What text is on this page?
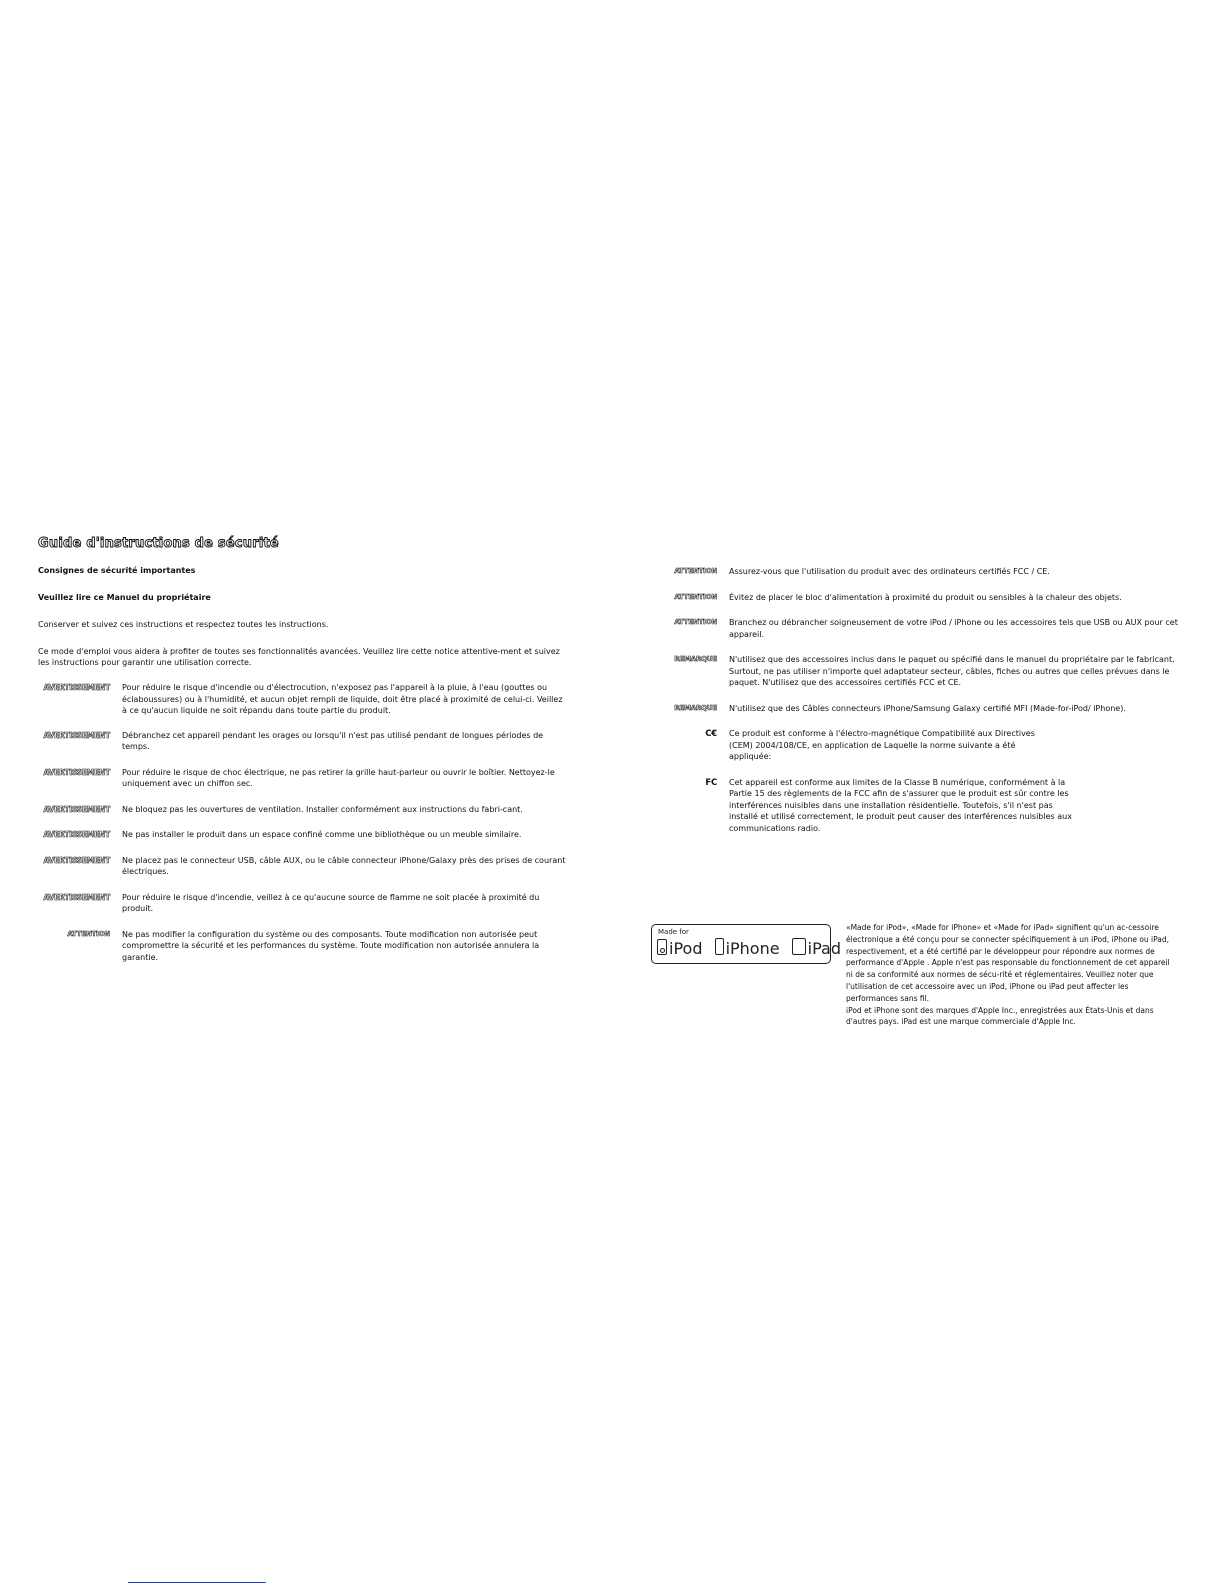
Guide d'instructions de sécurité
Consignes de sécurité importantes
Veuillez lire ce Manuel du propriétaire
Conserver et suivez ces instructions et respectez toutes les instructions.
Ce mode d'emploi vous aidera à profiter de toutes ses fonctionnalités avancées. Veuillez lire cette notice attentive-ment et suivez les instructions pour garantir une utilisation correcte.
AVERTISSEMENT	Pour réduire le risque d'incendie ou d'électrocution, n'exposez pas l'appareil à la pluie, à l'eau (gouttes ou éclaboussures) ou à l'humidité, et aucun objet rempli de liquide, doit être placé à proximité de celui-ci. Veillez à ce qu'aucun liquide ne soit répandu dans toute partie du produit.
AVERTISSEMENT	Débranchez cet appareil pendant les orages ou lorsqu'il n'est pas utilisé pendant de longues périodes de temps.
AVERTISSEMENT	Pour réduire le risque de choc électrique, ne pas retirer la grille haut-parleur ou ouvrir le boîtier. Nettoyez-le uniquement avec un chiffon sec.
AVERTISSEMENT	Ne bloquez pas les ouvertures de ventilation. Installer conformément aux instructions du fabri-cant.
AVERTISSEMENT	Ne pas installer le produit dans un espace confiné comme une bibliothèque ou un meuble similaire.
AVERTISSEMENT	Ne placez pas le connecteur USB, câble AUX, ou le câble connecteur iPhone/Galaxy près des prises de courant électriques.
AVERTISSEMENT	Pour réduire le risque d'incendie, veillez à ce qu'aucune source de flamme ne soit placée à proximité du produit.
ATTENTION	Ne pas modifier la configuration du système ou des composants. Toute modification non autorisée peut compromettre la sécurité et les performances du système. Toute modification non autorisée annulera la garantie.
ATTENTION	Assurez-vous que l'utilisation du produit avec des ordinateurs certifiés FCC / CE.
ATTENTION	Évitez de placer le bloc d'alimentation à proximité du produit ou sensibles à la chaleur des objets.
ATTENTION	Branchez ou débrancher soigneusement de votre iPod / iPhone ou les accessoires tels que USB ou AUX pour cet appareil.
REMARQUE	N'utilisez que des accessoires inclus dans le paquet ou spécifié dans le manuel du propriétaire par le fabricant. Surtout, ne pas utiliser n'importe quel adaptateur secteur, câbles, fiches ou autres que celles prévues dans le paquet. N'utilisez que des accessoires certifiés FCC et CE.
REMARQUE	N'utilisez que des Câbles connecteurs iPhone/Samsung Galaxy certifié MFI (Made-for-iPod/ iPhone).
C€	Ce produit est conforme à l'électro-magnétique Compatibilité aux Directives (CEM) 2004/108/CE, en application de Laquelle la norme suivante a été appliquée:
FC	Cet appareil est conforme aux limites de la Classe B numérique, conformément à la Partie 15 des règlements de la FCC afin de s'assurer que le produit est sûr contre les interférences nuisibles dans une installation résidentielle. Toutefois, s'il n'est pas installé et utilisé correctement, le produit peut causer des interférences nuisibles aux communications radio.
Made for
iPod iPhone iPad

«Made for iPod», «Made for iPhone» et «Made for iPad» signifient qu'un ac-cessoire électronique a été conçu pour se connecter spécifiquement à un iPod, iPhone ou iPad, respectivement, et a été certifié par le développeur pour répondre aux normes de performance d'Apple . Apple n'est pas responsable du fonctionnement de cet appareil ni de sa conformité aux normes de sécu-rité et réglementaires. Veuillez noter que l'utilisation de cet accessoire avec un iPod, iPhone ou iPad peut affecter les performances sans fil.

iPod et iPhone sont des marques d'Apple Inc., enregistrées aux États-Unis et dans d'autres pays. iPad est une marque commerciale d'Apple Inc.
